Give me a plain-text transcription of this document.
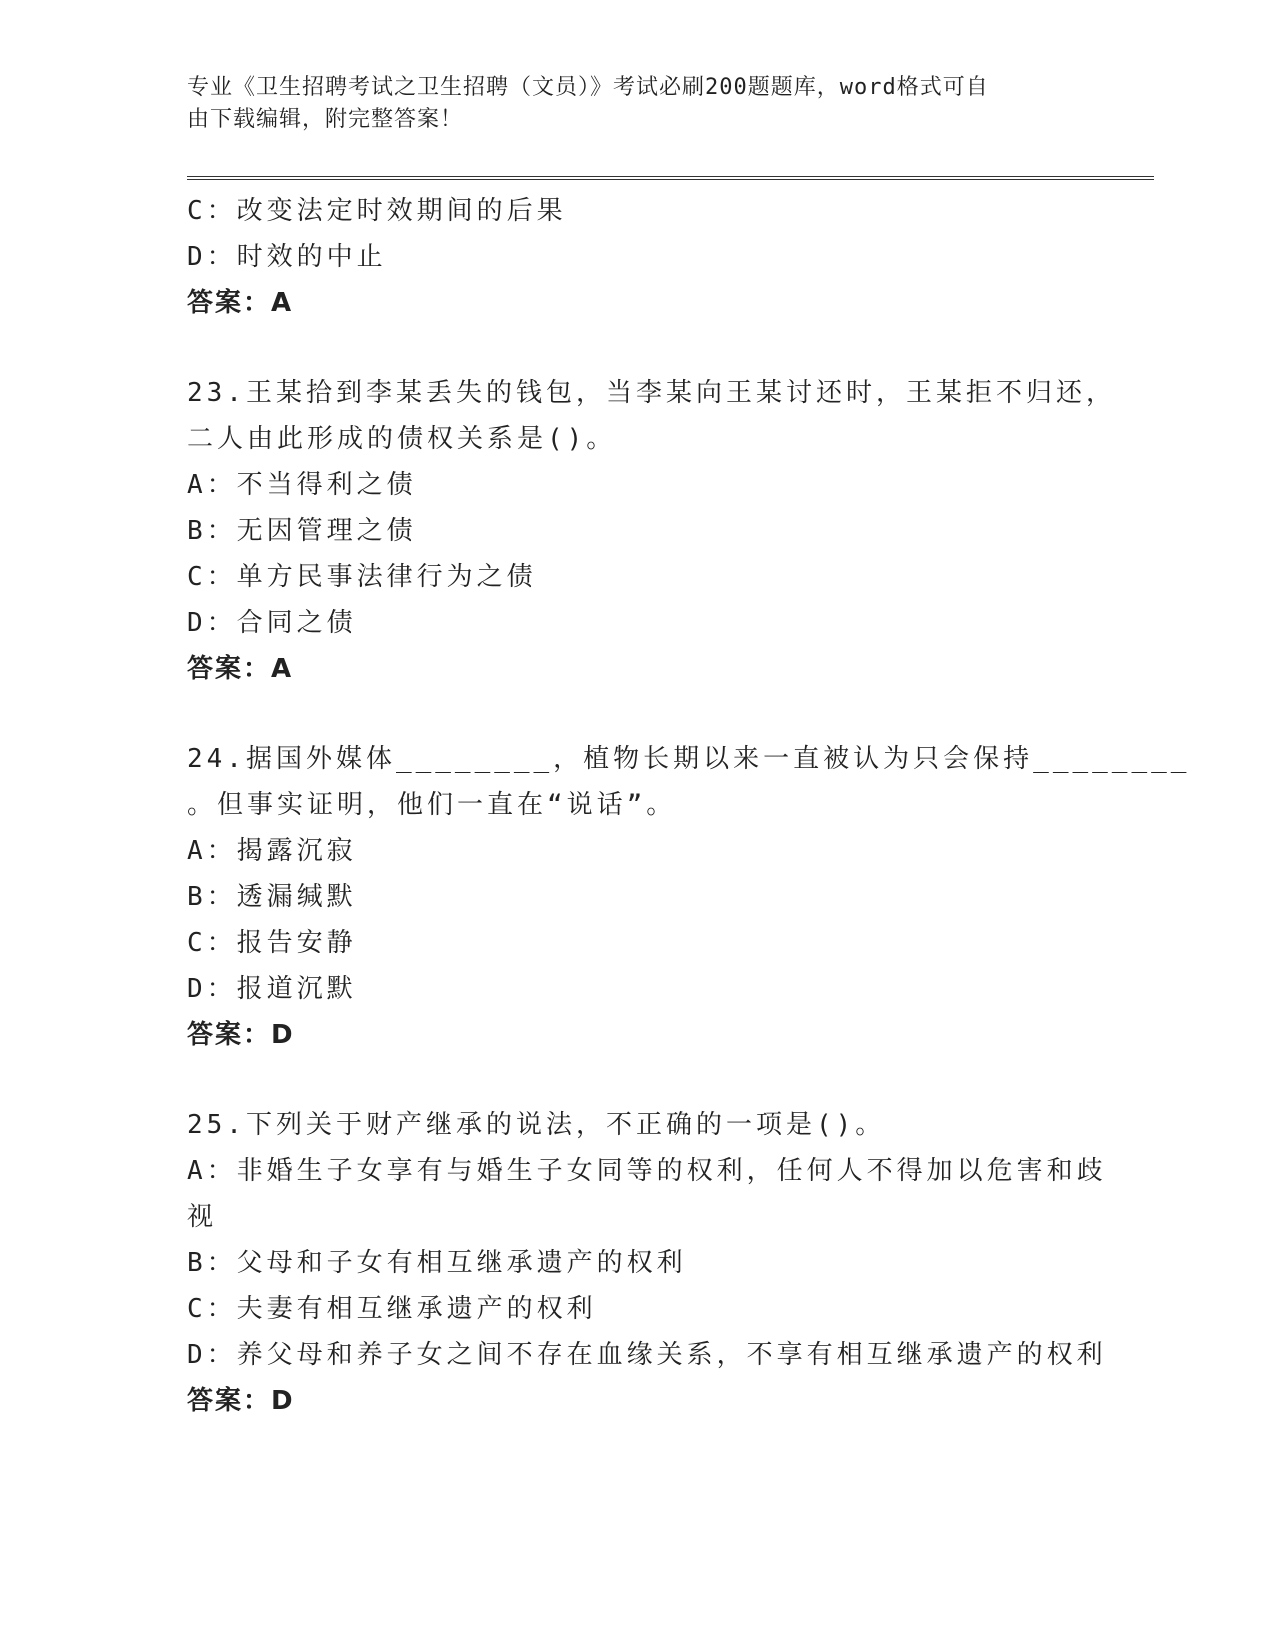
专业《卫生招聘考试之卫生招聘（文员）》考试必刷200题题库，word格式可自
由下载编辑，附完整答案！
C：改变法定时效期间的后果
D：时效的中止
答案：A
23.王某拾到李某丢失的钱包，当李某向王某讨还时，王某拒不归还，
二人由此形成的债权关系是()。
A：不当得利之债
B：无因管理之债
C：单方民事法律行为之债
D：合同之债
答案：A
24.据国外媒体________，植物长期以来一直被认为只会保持________
。但事实证明，他们一直在“说话”。
A：揭露沉寂
B：透漏缄默
C：报告安静
D：报道沉默
答案：D
25.下列关于财产继承的说法，不正确的一项是()。
A：非婚生子女享有与婚生子女同等的权利，任何人不得加以危害和歧
视
B：父母和子女有相互继承遗产的权利
C：夫妻有相互继承遗产的权利
D：养父母和养子女之间不存在血缘关系，不享有相互继承遗产的权利
答案：D
